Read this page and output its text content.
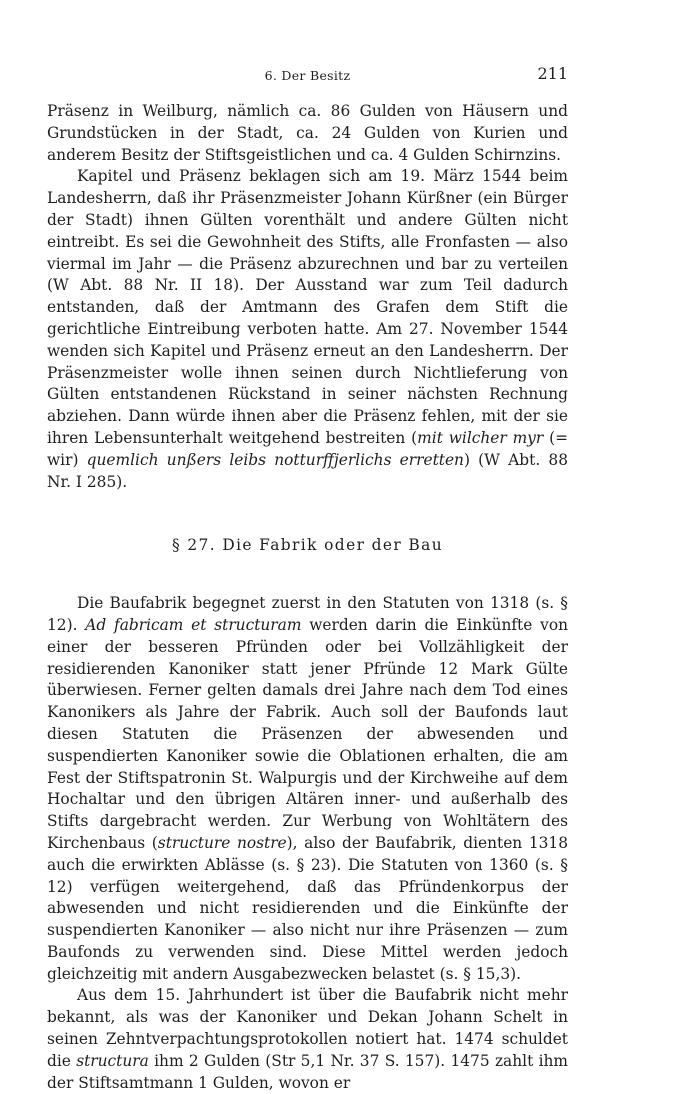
6. Der Besitz	211

Präsenz in Weilburg, nämlich ca. 86 Gulden von Häusern und Grundstücken in der Stadt, ca. 24 Gulden von Kurien und anderem Besitz der Stiftsgeistlichen und ca. 4 Gulden Schirnzins.

Kapitel und Präsenz beklagen sich am 19. März 1544 beim Landesherrn, daß ihr Präsenzmeister Johann Kürßner (ein Bürger der Stadt) ihnen Gülten vorenthält und andere Gülten nicht eintreibt. Es sei die Gewohnheit des Stifts, alle Fronfasten — also viermal im Jahr — die Präsenz abzurechnen und bar zu verteilen (W Abt. 88 Nr. II 18). Der Ausstand war zum Teil dadurch entstanden, daß der Amtmann des Grafen dem Stift die gerichtliche Eintreibung verboten hatte. Am 27. November 1544 wenden sich Kapitel und Präsenz erneut an den Landesherrn. Der Präsenzmeister wolle ihnen seinen durch Nichtlieferung von Gülten entstandenen Rückstand in seiner nächsten Rechnung abziehen. Dann würde ihnen aber die Präsenz fehlen, mit der sie ihren Lebensunterhalt weitgehend bestreiten (mit wilcher myr (= wir) quemlich unßers leibs notturffjerlichs erretten) (W Abt. 88 Nr. I 285).

§ 27. Die Fabrik oder der Bau

Die Baufabrik begegnet zuerst in den Statuten von 1318 (s. § 12). Ad fabricam et structuram werden darin die Einkünfte von einer der besseren Pfründen oder bei Vollzähligkeit der residierenden Kanoniker statt jener Pfründe 12 Mark Gülte überwiesen. Ferner gelten damals drei Jahre nach dem Tod eines Kanonikers als Jahre der Fabrik. Auch soll der Baufonds laut diesen Statuten die Präsenzen der abwesenden und suspendierten Kanoniker sowie die Oblationen erhalten, die am Fest der Stiftspatronin St. Walpurgis und der Kirchweihe auf dem Hochaltar und den übrigen Altären inner- und außerhalb des Stifts dargebracht werden. Zur Werbung von Wohltätern des Kirchenbaus (structure nostre), also der Baufabrik, dienten 1318 auch die erwirkten Ablässe (s. § 23). Die Statuten von 1360 (s. § 12) verfügen weitergehend, daß das Pfründenkorpus der abwesenden und nicht residierenden und die Einkünfte der suspendierten Kanoniker — also nicht nur ihre Präsenzen — zum Baufonds zu verwenden sind. Diese Mittel werden jedoch gleichzeitig mit andern Ausgabezwecken belastet (s. § 15,3).

Aus dem 15. Jahrhundert ist über die Baufabrik nicht mehr bekannt, als was der Kanoniker und Dekan Johann Schelt in seinen Zehntverpachtungsprotokollen notiert hat. 1474 schuldet die structura ihm 2 Gulden (Str 5,1 Nr. 37 S. 157). 1475 zahlt ihm der Stiftsamtmann 1 Gulden, wovon er
